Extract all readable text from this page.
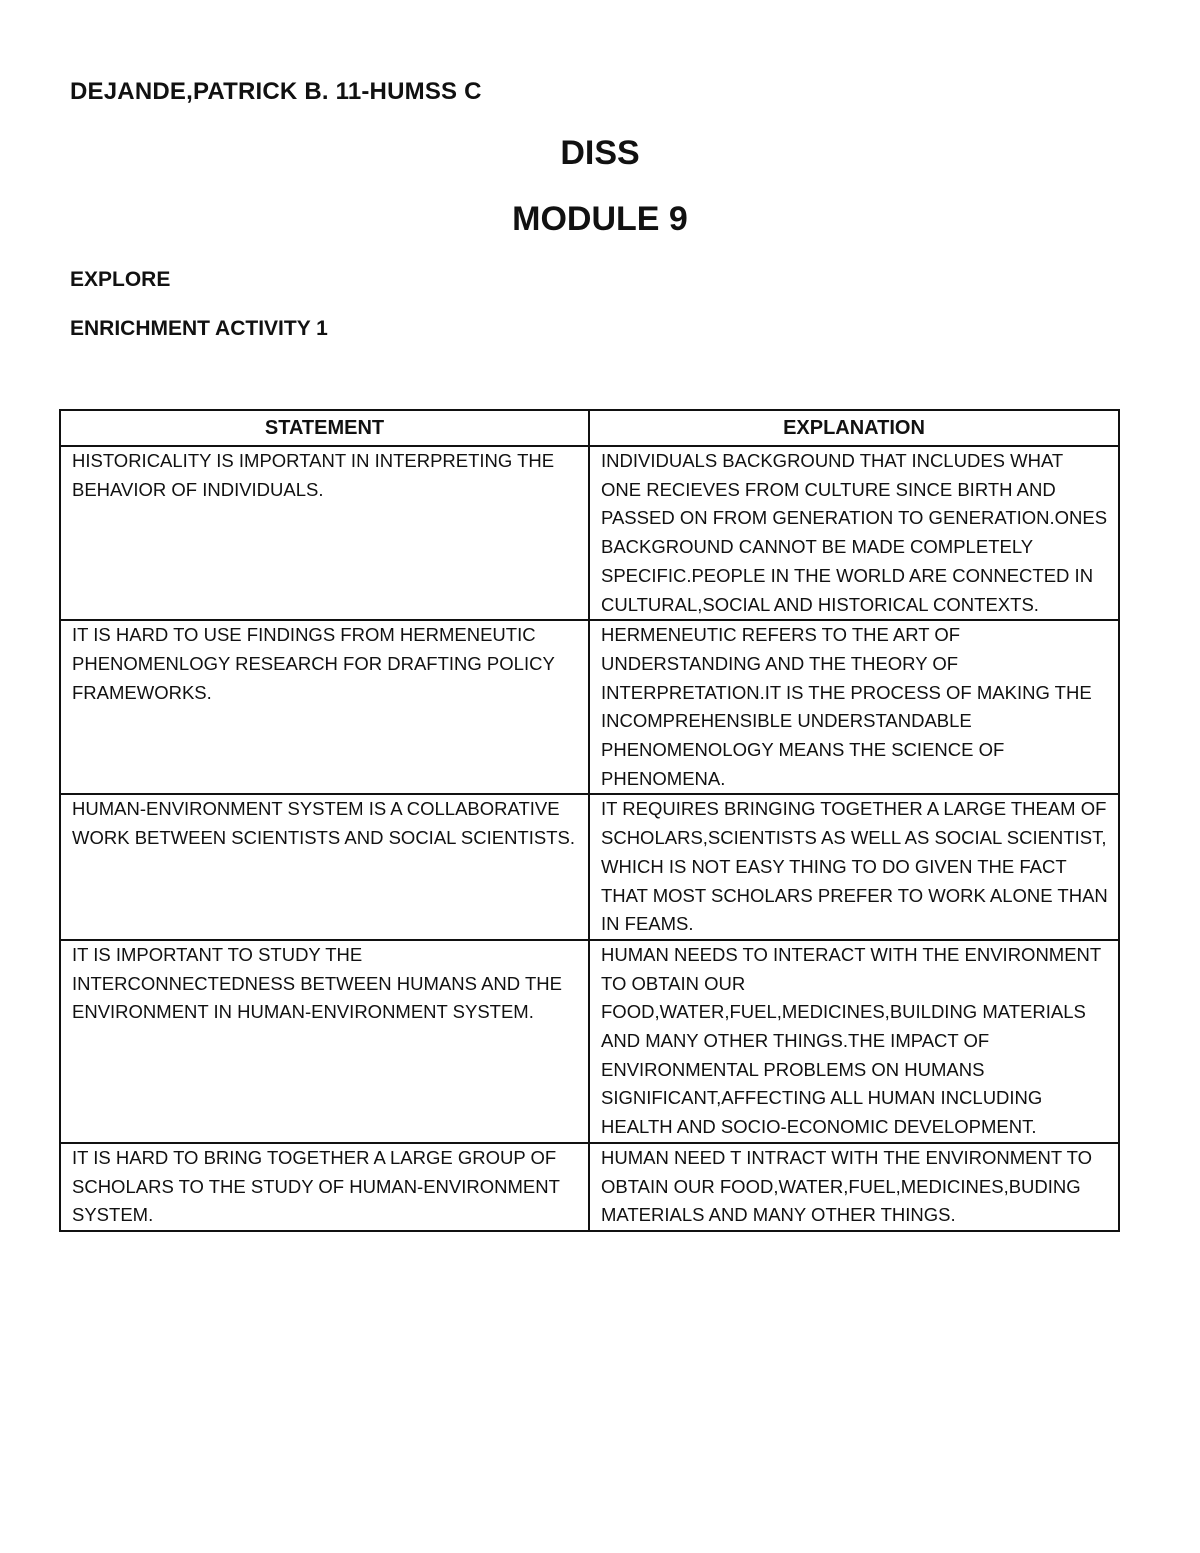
DEJANDE,PATRICK B. 11-HUMSS C

DISS

MODULE 9

EXPLORE

ENRICHMENT ACTIVITY 1

STATEMENT	EXPLANATION
HISTORICALITY IS IMPORTANT IN INTERPRETING THE BEHAVIOR OF INDIVIDUALS.	INDIVIDUALS BACKGROUND THAT INCLUDES WHAT ONE RECIEVES FROM CULTURE SINCE BIRTH AND PASSED ON FROM GENERATION TO GENERATION.ONES BACKGROUND CANNOT BE MADE COMPLETELY SPECIFIC.PEOPLE IN THE WORLD ARE CONNECTED IN CULTURAL,SOCIAL AND HISTORICAL CONTEXTS.
IT IS HARD TO USE FINDINGS FROM HERMENEUTIC PHENOMENLOGY RESEARCH FOR DRAFTING POLICY FRAMEWORKS.	HERMENEUTIC REFERS TO THE ART OF UNDERSTANDING AND THE THEORY OF INTERPRETATION.IT IS THE PROCESS OF MAKING THE INCOMPREHENSIBLE UNDERSTANDABLE PHENOMENOLOGY MEANS THE SCIENCE OF PHENOMENA.
HUMAN-ENVIRONMENT SYSTEM IS A COLLABORATIVE WORK BETWEEN SCIENTISTS AND SOCIAL SCIENTISTS.	IT REQUIRES BRINGING TOGETHER A LARGE THEAM OF SCHOLARS,SCIENTISTS AS WELL AS SOCIAL SCIENTIST, WHICH IS NOT EASY THING TO DO GIVEN THE FACT THAT MOST SCHOLARS PREFER TO WORK ALONE THAN IN FEAMS.
IT IS IMPORTANT TO STUDY THE INTERCONNECTEDNESS BETWEEN HUMANS AND THE ENVIRONMENT IN HUMAN-ENVIRONMENT SYSTEM.	HUMAN NEEDS TO INTERACT WITH THE ENVIRONMENT TO OBTAIN OUR FOOD,WATER,FUEL,MEDICINES,BUILDING MATERIALS AND MANY OTHER THINGS.THE IMPACT OF ENVIRONMENTAL PROBLEMS ON HUMANS SIGNIFICANT,AFFECTING ALL HUMAN INCLUDING HEALTH AND SOCIO-ECONOMIC DEVELOPMENT.
IT IS HARD TO BRING TOGETHER A LARGE GROUP OF SCHOLARS TO THE STUDY OF HUMAN-ENVIRONMENT SYSTEM.	HUMAN NEED T INTRACT WITH THE ENVIRONMENT TO OBTAIN OUR FOOD,WATER,FUEL,MEDICINES,BUDING MATERIALS AND MANY OTHER THINGS.
